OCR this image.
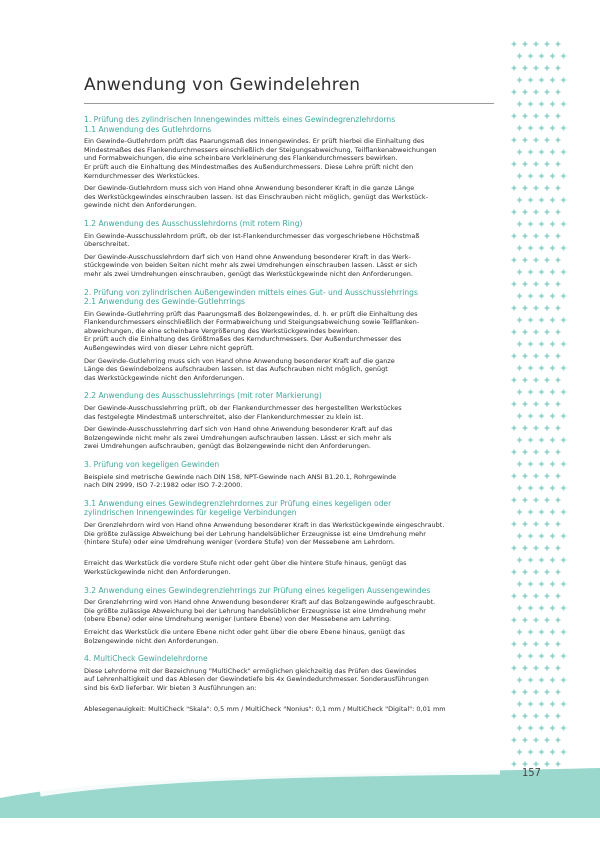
Anwendung von Gewindelehren

1. Prüfung des zylindrischen Innengewindes mittels eines Gewindegrenzlehrdorns
1.1 Anwendung des Gutlehrdorns

Ein Gewinde-Gutlehrdorn prüft das Paarungsmaß des Innengewindes. Er prüft hierbei die Einhaltung des
Mindestmaßes des Flankendurchmessers einschließlich der Steigungsabweichung, Teilflankenabweichungen
und Formabweichungen, die eine scheinbare Verkleinerung des Flankendurchmessers bewirken.
Er prüft auch die Einhaltung des Mindestmaßes des Außendurchmessers. Diese Lehre prüft nicht den
Kerndurchmesser des Werkstückes.

Der Gewinde-Gutlehrdorn muss sich von Hand ohne Anwendung besonderer Kraft in die ganze Länge
des Werkstückgewindes einschrauben lassen. Ist das Einschrauben nicht möglich, genügt das Werkstück-
gewinde nicht den Anforderungen.

1.2 Anwendung des Ausschusslehrdorns (mit rotem Ring)

Ein Gewinde-Ausschusslehrdorn prüft, ob der Ist-Flankendurchmesser das vorgeschriebene Höchstmaß
überschreitet.

Der Gewinde-Ausschusslehrdorn darf sich von Hand ohne Anwendung besonderer Kraft in das Werk-
stückgewinde von beiden Seiten nicht mehr als zwei Umdrehungen einschrauben lassen. Lässt er sich
mehr als zwei Umdrehungen einschrauben, genügt das Werkstückgewinde nicht den Anforderungen.

2. Prüfung von zylindrischen Außengewinden mittels eines Gut- und Ausschusslehrrings
2.1 Anwendung des Gewinde-Gutlehrrings

Ein Gewinde-Gutlehrring prüft das Paarungsmaß des Bolzengewindes, d. h. er prüft die Einhaltung des
Flankendurchmessers einschließlich der Formabweichung und Steigungsabweichung sowie Teilflanken-
abweichungen, die eine scheinbare Vergrößerung des Werkstückgewindes bewirken.
Er prüft auch die Einhaltung des Größtmaßes des Kerndurchmessers. Der Außendurchmesser des
Außengewindes wird von dieser Lehre nicht geprüft.

Der Gewinde-Gutlehrring muss sich von Hand ohne Anwendung besonderer Kraft auf die ganze
Länge des Gewindebolzens aufschrauben lassen. Ist das Aufschrauben nicht möglich, genügt
das Werkstückgewinde nicht den Anforderungen.

2.2 Anwendung des Ausschusslehrrings (mit roter Markierung)

Der Gewinde-Ausschusslehrring prüft, ob der Flankendurchmesser des hergestellten Werkstückes
das festgelegte Mindestmaß unterschreitet, also der Flankendurchmesser zu klein ist.

Der Gewinde-Ausschusslehrring darf sich von Hand ohne Anwendung besonderer Kraft auf das
Bolzengewinde nicht mehr als zwei Umdrehungen aufschrauben lassen. Lässt er sich mehr als
zwei Umdrehungen aufschrauben, genügt das Bolzengewinde nicht den Anforderungen.

3. Prüfung von kegeligen Gewinden

Beispiele sind metrische Gewinde nach DIN 158, NPT-Gewinde nach ANSI B1.20.1, Rohrgewinde
nach DIN 2999, ISO 7-2:1982 oder ISO 7-2:2000.

3.1 Anwendung eines Gewindegrenzlehrdornes zur Prüfung eines kegeligen oder
zylindrischen Innengewindes für kegelige Verbindungen

Der Grenzlehrdorn wird von Hand ohne Anwendung besonderer Kraft in das Werkstückgewinde eingeschraubt.
Die größte zulässige Abweichung bei der Lehrung handelsüblicher Erzeugnisse ist eine Umdrehung mehr
(hintere Stufe) oder eine Umdrehung weniger (vordere Stufe) von der Messebene am Lehrdorn.

Erreicht das Werkstück die vordere Stufe nicht oder geht über die hintere Stufe hinaus, genügt das
Werkstückgewinde nicht den Anforderungen.

3.2 Anwendung eines Gewindegrenzlehrrings zur Prüfung eines kegeligen Aussengewindes

Der Grenzlehrring wird von Hand ohne Anwendung besonderer Kraft auf das Bolzengewinde aufgeschraubt.
Die größte zulässige Abweichung bei der Lehrung handelsüblicher Erzeugnisse ist eine Umdrehung mehr
(obere Ebene) oder eine Umdrehung weniger (untere Ebene) von der Messebene am Lehrring.

Erreicht das Werkstück die untere Ebene nicht oder geht über die obere Ebene hinaus, genügt das
Bolzengewinde nicht den Anforderungen.

4. MultiCheck Gewindelehrdorne

Diese Lehrdorne mit der Bezeichnung "MultiCheck" ermöglichen gleichzeitig das Prüfen des Gewindes
auf Lehrenhaltigkeit und das Ablesen der Gewindetiefe bis 4x Gewindedurchmesser. Sonderausführungen
sind bis 6xD lieferbar. Wir bieten 3 Ausführungen an:

Ablesegenauigkeit: MultiCheck "Skala": 0,5 mm / MultiCheck "Nonius": 0,1 mm / MultiCheck "Digital": 0,01 mm

157
